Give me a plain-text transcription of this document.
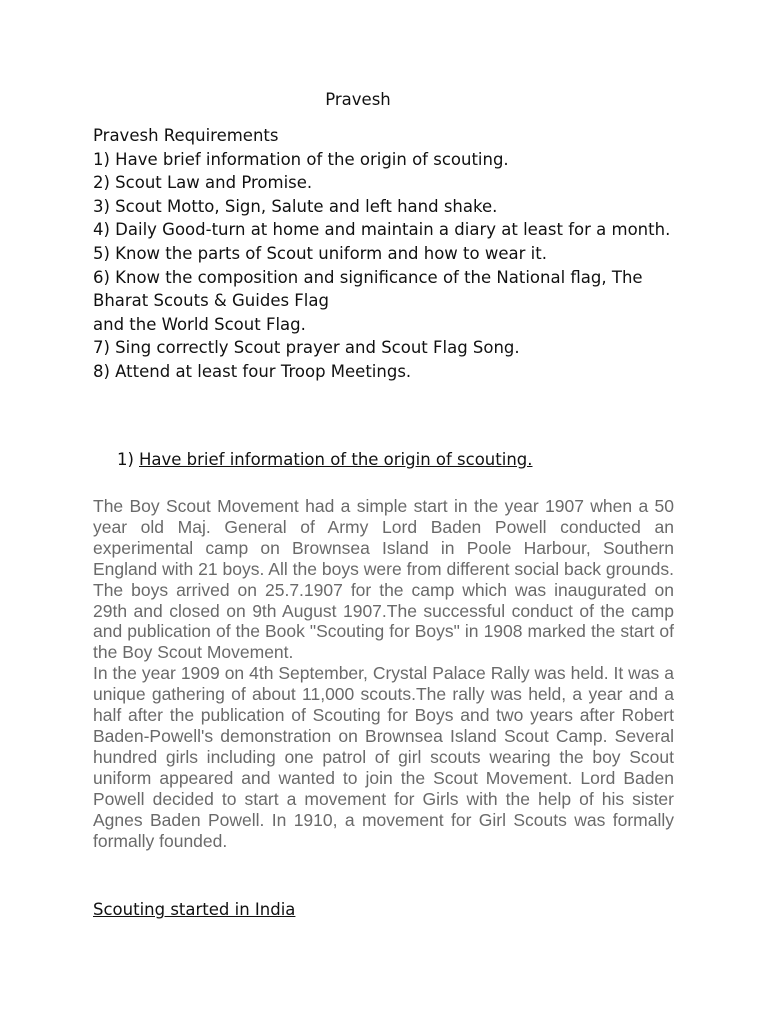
Pravesh
Pravesh Requirements
1) Have brief information of the origin of scouting.
2) Scout Law and Promise.
3) Scout Motto, Sign, Salute and left hand shake.
4) Daily Good-turn at home and maintain a diary at least for a month.
5) Know the parts of Scout uniform and how to wear it.
6) Know the composition and significance of the National flag, The
Bharat Scouts & Guides Flag
and the World Scout Flag.
7) Sing correctly Scout prayer and Scout Flag Song.
8) Attend at least four Troop Meetings.
1) Have brief information of the origin of scouting.

The Boy Scout Movement had a simple start in the year 1907 when a 50 year old Maj. General of Army Lord Baden Powell conducted an experimental camp on Brownsea Island in Poole Harbour, Southern England with 21 boys. All the boys were from different social back grounds. The boys arrived on 25.7.1907 for the camp which was inaugurated on 29th and closed on 9th August 1907.The successful conduct of the camp and publication of the Book "Scouting for Boys" in 1908 marked the start of the Boy Scout Movement.

In the year 1909 on 4th September, Crystal Palace Rally was held. It was a unique gathering of about 11,000 scouts.The rally was held, a year and a half after the publication of Scouting for Boys and two years after Robert Baden-Powell's demonstration on Brownsea Island Scout Camp. Several hundred girls including one patrol of girl scouts wearing the boy Scout uniform appeared and wanted to join the Scout Movement. Lord Baden Powell decided to start a movement for Girls with the help of his sister Agnes Baden Powell. In 1910, a movement for Girl Scouts was formally formally founded.

Scouting started in India
